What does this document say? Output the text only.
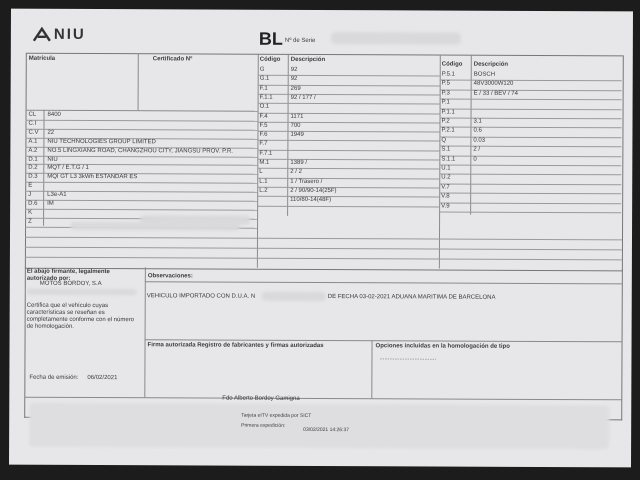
NIU	BL Nº de Serie
Matrícula	Certificado Nº	Código Descripción
Código Descripción
CL 8400
C.I
C.V 22
A.1 NIU TECHNOLOGIES GROUP LIMITED
A.2 NO.5 LINGXIANG ROAD, CHANGZHOU CITY, JIANGSU PROV. P.R.
D.1 NIU
D.2 MQT / E.T.G / 1
D.3 MQI GT L3 3kWh ESTANDAR ES
E
J	L3e-A1
D.6 IM
K
Z
G	92
G.1	92
F.1	269
F.1.1	92 / 177 /
O.1
F.4	1171
F.5	700
F.6	1949
F.7
F.7.1
M.1	1389 /
L	2 / 2
L.1	1 / Trasero /
L.2	2 / 90/90-14(25F)
110/80-14(48F)
P.5.1	BOSCH
P.5	48V3000W120
P.3	E / 33 / BEV / 74
P.1
P.1.1
P.2	3.1
P.2.1	0.6
Q	0.03
S.1	2 /
S.1.1	0
U.1
U.2
V.7
V.8
V.9
El abajo firmante, legalmente autorizado por:
MOTOS BORDOY, S.A
Certifica que el vehículo cuyas características se reseñan es completamente conforme con el número de homologación.
Fecha de emisión: 06/02/2021
Observaciones:
VEHICULO IMPORTADO CON D.U.A. N	DE FECHA 03-02-2021 ADUANA MARITIMA DE BARCELONA
Firma autorizada Registro de fabricantes y firmas autorizadas	Opciones incluidas en la homologación de tipo
..................................
Fdo Alberto Bordoy Gamigna
Tarjeta eITV expedida por SICT
Primera expedición:
03/02/2021 14:26:37
